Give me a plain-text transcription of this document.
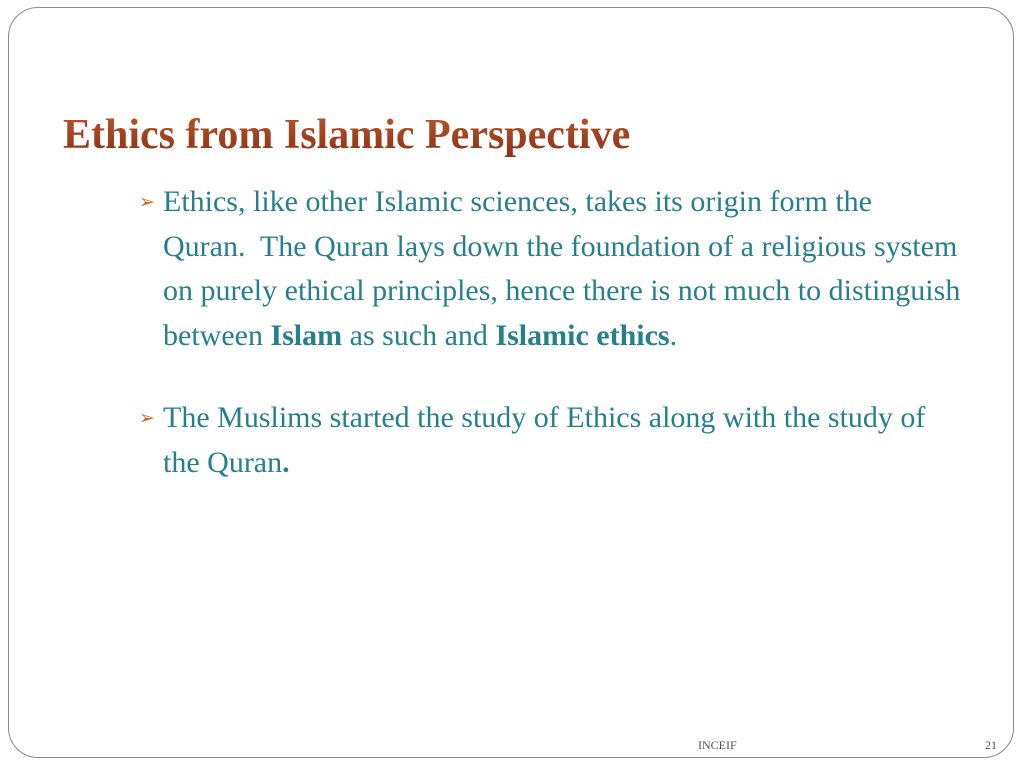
Ethics from Islamic Perspective
➢ Ethics, like other Islamic sciences, takes its origin form the Quran.  The Quran lays down the foundation of a religious system on purely ethical principles, hence there is not much to distinguish between Islam as such and Islamic ethics.
➢ The Muslims started the study of Ethics along with the study of the Quran.
INCEIF	21
